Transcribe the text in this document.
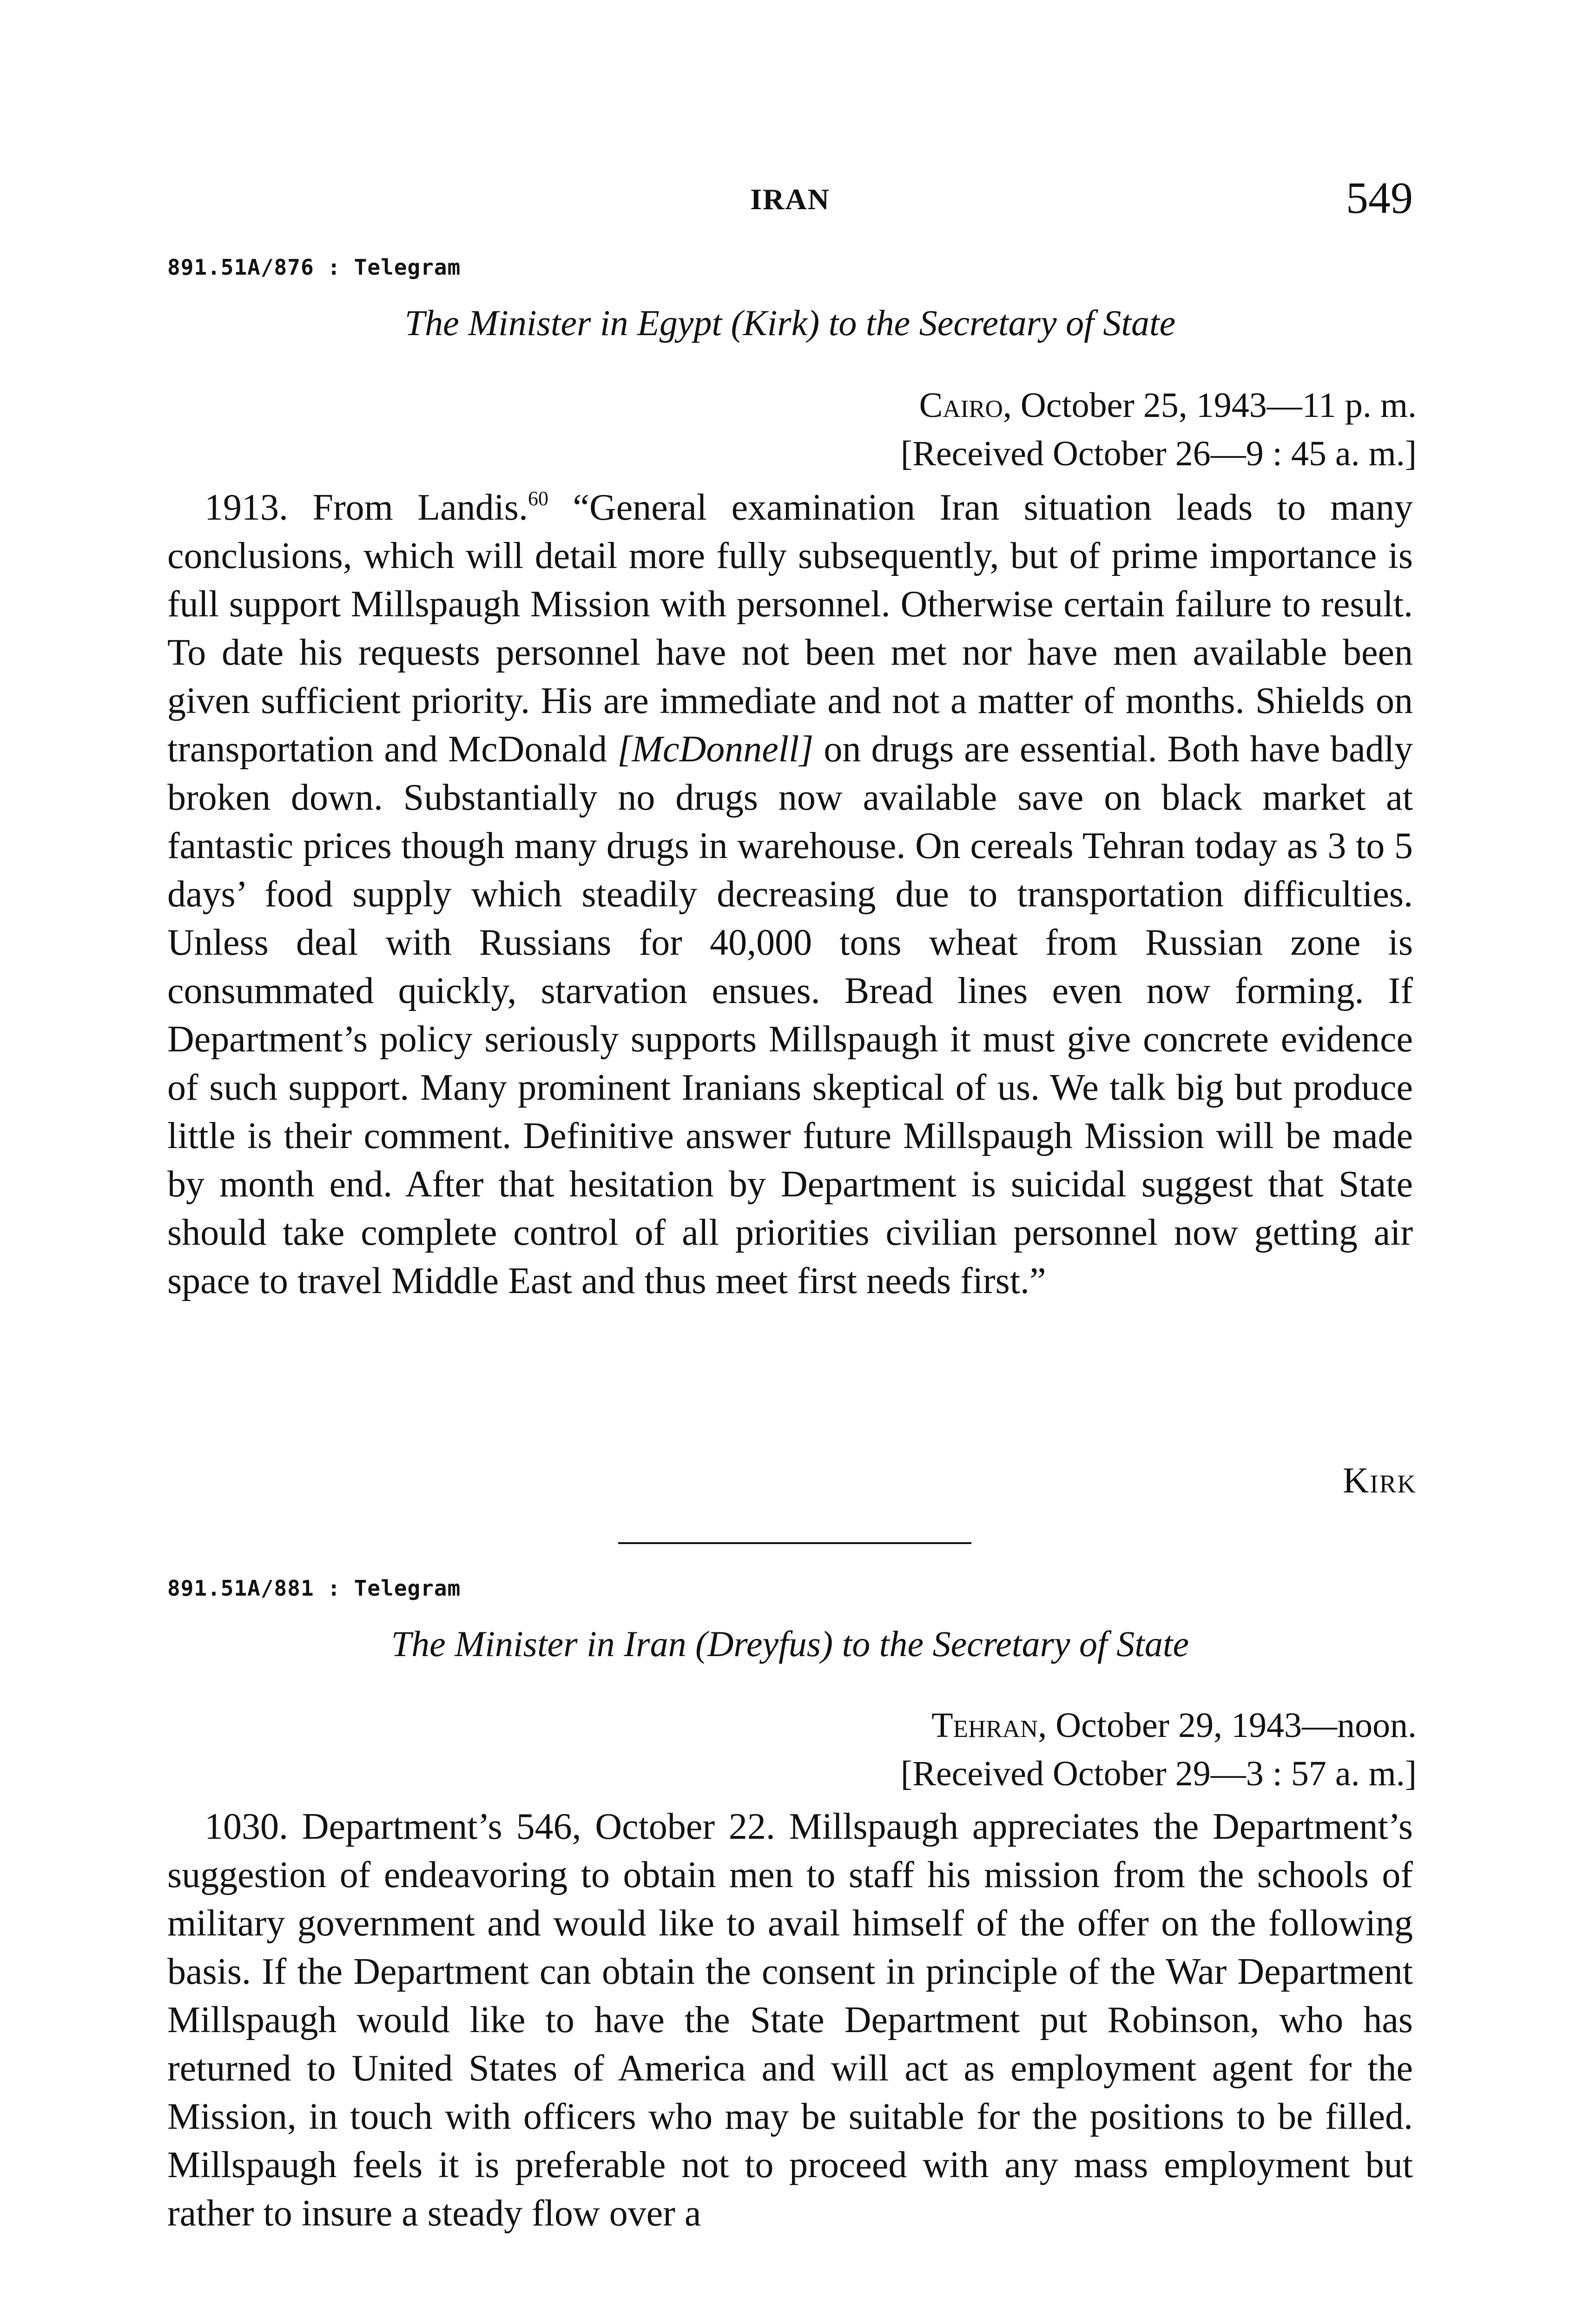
IRAN	549
891.51A/876 : Telegram
The Minister in Egypt (Kirk) to the Secretary of State
Cairo, October 25, 1943—11 p. m.
[Received October 26—9 : 45 a. m.]

1913. From Landis.$^{60}$ “General examination Iran situation leads to many conclusions, which will detail more fully subsequently, but of prime importance is full support Millspaugh Mission with personnel. Otherwise certain failure to result. To date his requests personnel have not been met nor have men available been given sufficient priority. His are immediate and not a matter of months. Shields on transportation and McDonald [McDonnell] on drugs are essential. Both have badly broken down. Substantially no drugs now available save on black market at fantastic prices though many drugs in warehouse. On cereals Tehran today as 3 to 5 days’ food supply which steadily decreasing due to transportation difficulties. Unless deal with Russians for 40,000 tons wheat from Russian zone is consummated quickly, starvation ensues. Bread lines even now forming. If Department’s policy seriously supports Millspaugh it must give concrete evidence of such support. Many prominent Iranians skeptical of us. We talk big but produce little is their comment. Definitive answer future Millspaugh Mission will be made by month end. After that hesitation by Department is suicidal suggest that State should take complete control of all priorities civilian personnel now getting air space to travel Middle East and thus meet first needs first.”

Kirk
891.51A/881 : Telegram
The Minister in Iran (Dreyfus) to the Secretary of State
Tehran, October 29, 1943—noon.
[Received October 29—3 : 57 a. m.]

1030. Department’s 546, October 22. Millspaugh appreciates the Department’s suggestion of endeavoring to obtain men to staff his mission from the schools of military government and would like to avail himself of the offer on the following basis. If the Department can obtain the consent in principle of the War Department Millspaugh would like to have the State Department put Robinson, who has returned to United States of America and will act as employment agent for the Mission, in touch with officers who may be suitable for the positions to be filled. Millspaugh feels it is preferable not to proceed with any mass employment but rather to insure a steady flow over a
